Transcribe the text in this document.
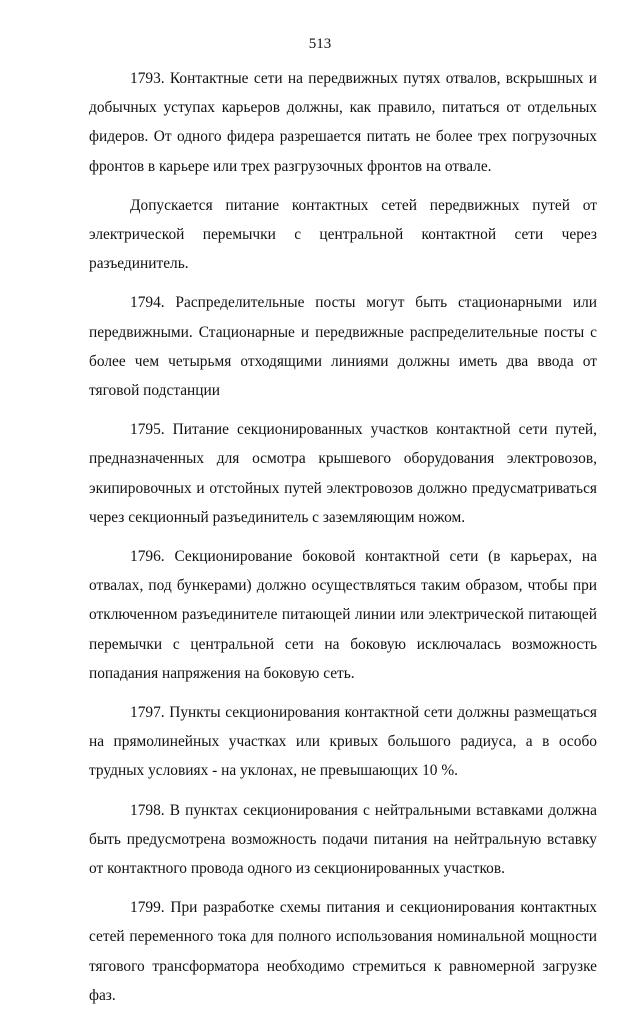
513

1793. Контактные сети на передвижных путях отвалов, вскрышных и добычных уступах карьеров должны, как правило, питаться от отдельных фидеров. От одного фидера разрешается питать не более трех погрузочных фронтов в карьере или трех разгрузочных фронтов на отвале.

Допускается питание контактных сетей передвижных путей от электрической перемычки с центральной контактной сети через разъединитель.

1794. Распределительные посты могут быть стационарными или передвижными. Стационарные и передвижные распределительные посты с более чем четырьмя отходящими линиями должны иметь два ввода от тяговой подстанции

1795. Питание секционированных участков контактной сети путей, предназначенных для осмотра крышевого оборудования электровозов, экипировочных и отстойных путей электровозов должно предусматриваться через секционный разъединитель с заземляющим ножом.

1796. Секционирование боковой контактной сети (в карьерах, на отвалах, под бункерами) должно осуществляться таким образом, чтобы при отключенном разъединителе питающей линии или электрической питающей перемычки с центральной сети на боковую исключалась возможность попадания напряжения на боковую сеть.

1797. Пункты секционирования контактной сети должны размещаться на прямолинейных участках или кривых большого радиуса, а в особо трудных условиях - на уклонах, не превышающих 10 %.

1798. В пунктах секционирования с нейтральными вставками должна быть предусмотрена возможность подачи питания на нейтральную вставку от контактного провода одного из секционированных участков.

1799. При разработке схемы питания и секционирования контактных сетей переменного тока для полного использования номинальной мощности тягового трансформатора необходимо стремиться к равномерной загрузке фаз.
